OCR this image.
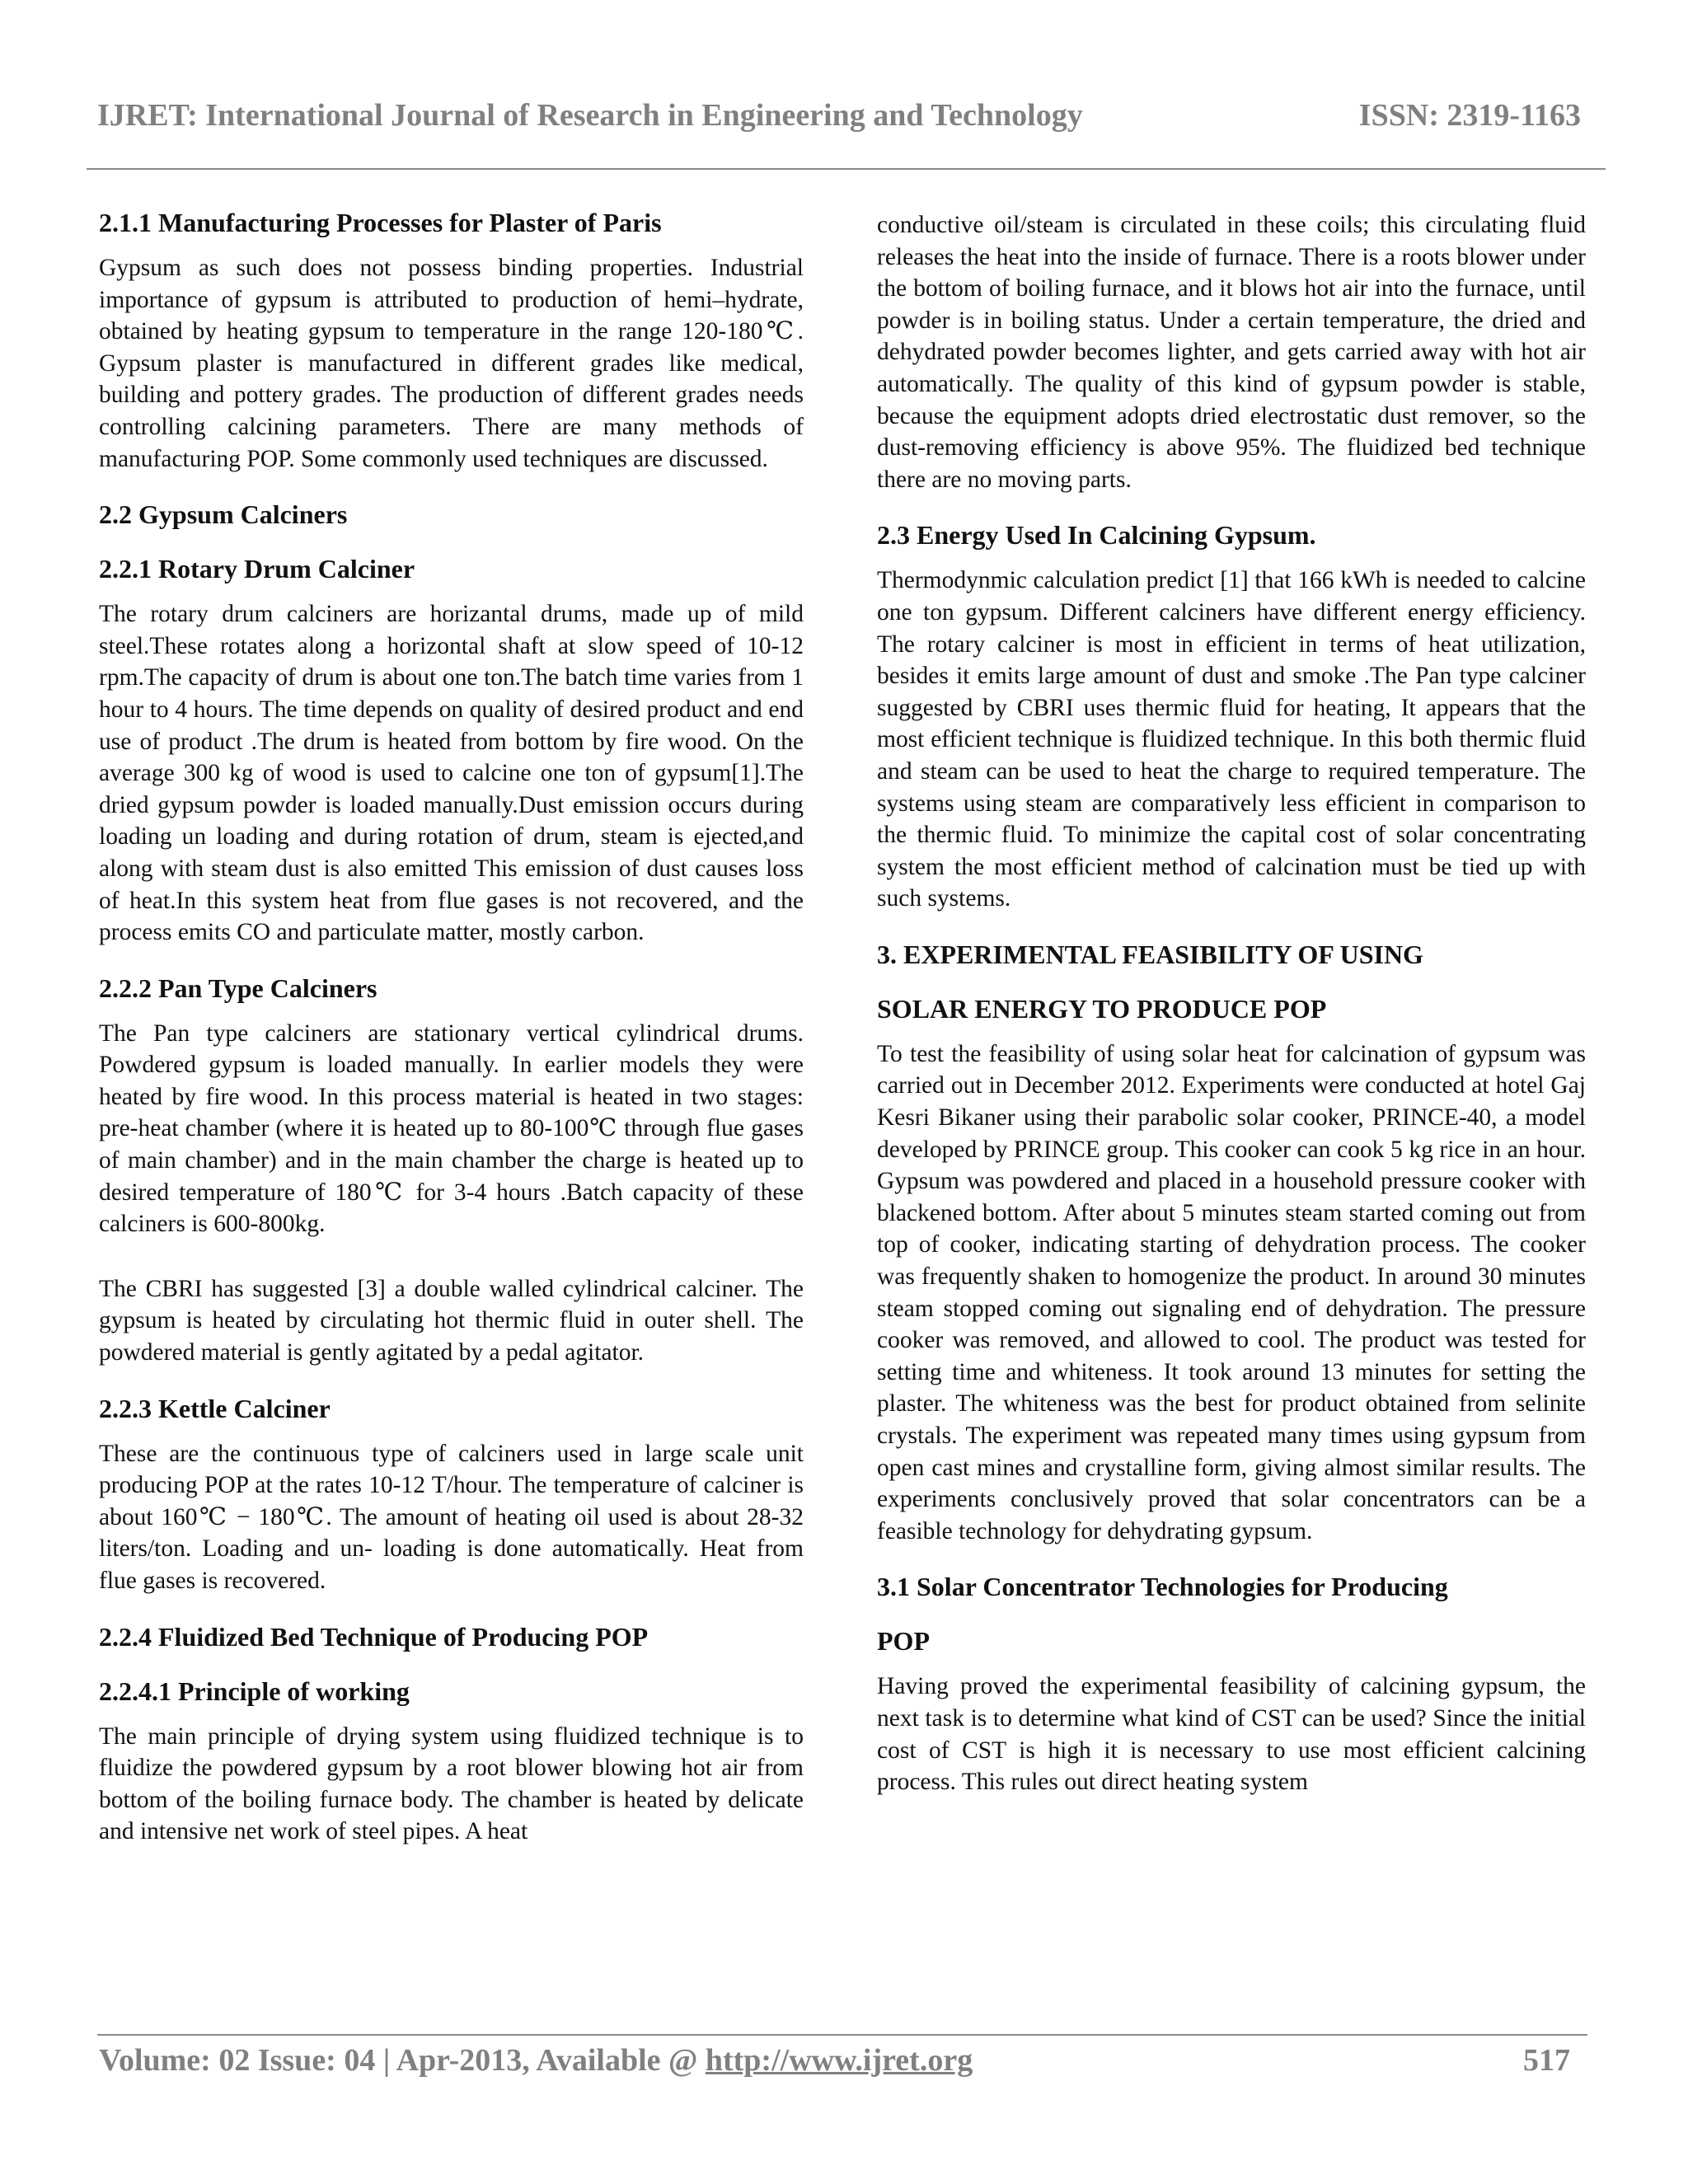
IJRET: International Journal of Research in Engineering and Technology	ISSN: 2319-1163
2.1.1 Manufacturing Processes for Plaster of Paris

Gypsum as such does not possess binding properties. Industrial importance of gypsum is attributed to production of hemi–hydrate, obtained by heating gypsum to temperature in the range 120-180℃. Gypsum plaster is manufactured in different grades like medical, building and pottery grades. The production of different grades needs controlling calcining parameters. There are many methods of manufacturing POP. Some commonly used techniques are discussed.

2.2 Gypsum Calciners
2.2.1 Rotary Drum Calciner

The rotary drum calciners are horizantal drums, made up of mild steel.These rotates along a horizontal shaft at slow speed of 10-12 rpm.The capacity of drum is about one ton.The batch time varies from 1 hour to 4 hours. The time depends on quality of desired product and end use of product .The drum is heated from bottom by fire wood. On the average 300 kg of wood is used to calcine one ton of gypsum[1].The dried gypsum powder is loaded manually.Dust emission occurs during loading un loading and during rotation of drum, steam is ejected,and along with steam dust is also emitted This emission of dust causes loss of heat.In this system heat from flue gases is not recovered, and the process emits CO and particulate matter, mostly carbon.

2.2.2 Pan Type Calciners

The Pan type calciners are stationary vertical cylindrical drums. Powdered gypsum is loaded manually. In earlier models they were heated by fire wood. In this process material is heated in two stages: pre-heat chamber (where it is heated up to 80-100℃ through flue gases of main chamber) and in the main chamber the charge is heated up to desired temperature of 180℃ for 3-4 hours .Batch capacity of these calciners is 600-800kg.

The CBRI has suggested [3] a double walled cylindrical calciner. The gypsum is heated by circulating hot thermic fluid in outer shell. The powdered material is gently agitated by a pedal agitator.

2.2.3 Kettle Calciner

These are the continuous type of calciners used in large scale unit producing POP at the rates 10-12 T/hour. The temperature of calciner is about 160℃ − 180℃. The amount of heating oil used is about 28-32 liters/ton. Loading and un- loading is done automatically. Heat from flue gases is recovered.

2.2.4 Fluidized Bed Technique of Producing POP
2.2.4.1 Principle of working

The main principle of drying system using fluidized technique is to fluidize the powdered gypsum by a root blower blowing hot air from bottom of the boiling furnace body. The chamber is heated by delicate and intensive net work of steel pipes. A heat

conductive oil/steam is circulated in these coils; this circulating fluid releases the heat into the inside of furnace. There is a roots blower under the bottom of boiling furnace, and it blows hot air into the furnace, until powder is in boiling status. Under a certain temperature, the dried and dehydrated powder becomes lighter, and gets carried away with hot air automatically. The quality of this kind of gypsum powder is stable, because the equipment adopts dried electrostatic dust remover, so the dust-removing efficiency is above 95%. The fluidized bed technique there are no moving parts.

2.3 Energy Used In Calcining Gypsum.

Thermodynmic calculation predict [1] that 166 kWh is needed to calcine one ton gypsum. Different calciners have different energy efficiency. The rotary calciner is most in efficient in terms of heat utilization, besides it emits large amount of dust and smoke .The Pan type calciner suggested by CBRI uses thermic fluid for heating, It appears that the most efficient technique is fluidized technique. In this both thermic fluid and steam can be used to heat the charge to required temperature. The systems using steam are comparatively less efficient in comparison to the thermic fluid. To minimize the capital cost of solar concentrating system the most efficient method of calcination must be tied up with such systems.

3. EXPERIMENTAL FEASIBILITY OF USING
SOLAR ENERGY TO PRODUCE POP

To test the feasibility of using solar heat for calcination of gypsum was carried out in December 2012. Experiments were conducted at hotel Gaj Kesri Bikaner using their parabolic solar cooker, PRINCE-40, a model developed by PRINCE group. This cooker can cook 5 kg rice in an hour. Gypsum was powdered and placed in a household pressure cooker with blackened bottom. After about 5 minutes steam started coming out from top of cooker, indicating starting of dehydration process. The cooker was frequently shaken to homogenize the product. In around 30 minutes steam stopped coming out signaling end of dehydration. The pressure cooker was removed, and allowed to cool. The product was tested for setting time and whiteness. It took around 13 minutes for setting the plaster. The whiteness was the best for product obtained from selinite crystals. The experiment was repeated many times using gypsum from open cast mines and crystalline form, giving almost similar results. The experiments conclusively proved that solar concentrators can be a feasible technology for dehydrating gypsum.

3.1 Solar Concentrator Technologies for Producing
POP

Having proved the experimental feasibility of calcining gypsum, the next task is to determine what kind of CST can be used? Since the initial cost of CST is high it is necessary to use most efficient calcining process. This rules out direct heating system

Volume: 02 Issue: 04 | Apr-2013, Available @ http://www.ijret.org	517
